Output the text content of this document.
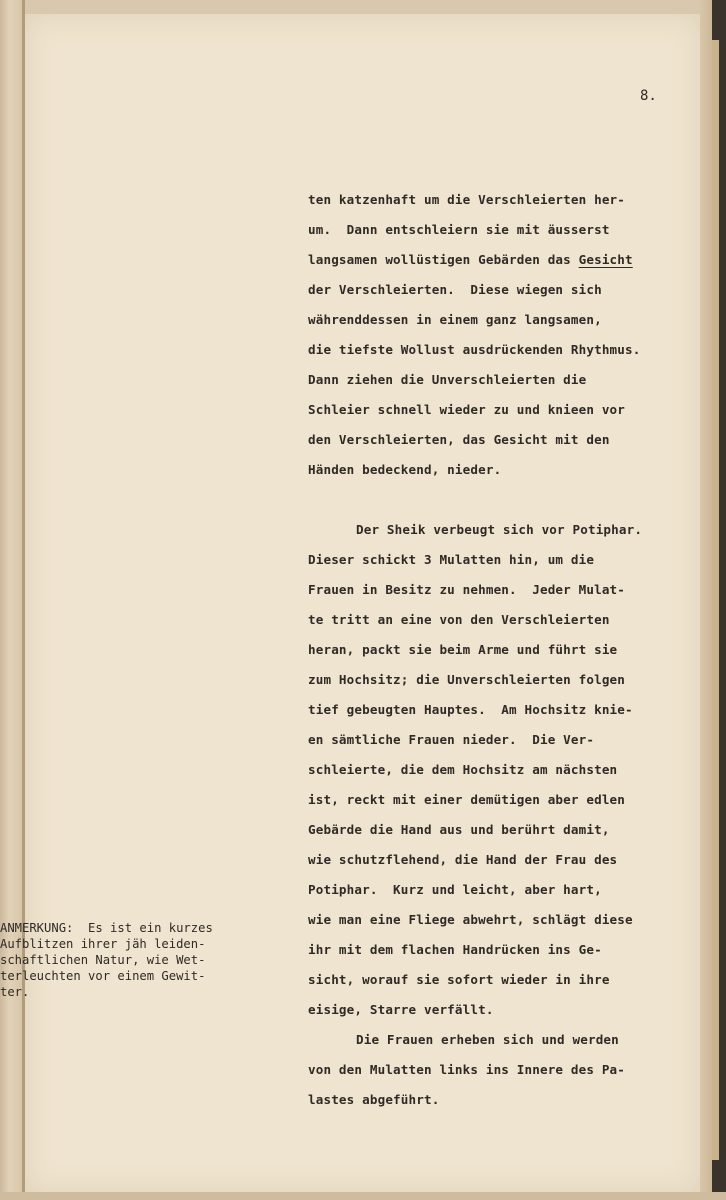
8.
ten katzenhaft um die Verschleierten her-
um.  Dann entschleiern sie mit äusserst
langsamen wollüstigen Gebärden das Gesicht
der Verschleierten.  Diese wiegen sich
währenddessen in einem ganz langsamen,
die tiefste Wollust ausdrückenden Rhythmus.
Dann ziehen die Unverschleierten die
Schleier schnell wieder zu und knieen vor
den Verschleierten, das Gesicht mit den
Händen bedeckend, nieder.
Der Sheik verbeugt sich vor Potiphar.
Dieser schickt 3 Mulatten hin, um die
Frauen in Besitz zu nehmen.  Jeder Mulat-
te tritt an eine von den Verschleierten
heran, packt sie beim Arme und führt sie
zum Hochsitz; die Unverschleierten folgen
tief gebeugten Hauptes.  Am Hochsitz knie-
en sämtliche Frauen nieder.  Die Ver-
schleierte, die dem Hochsitz am nächsten
ist, reckt mit einer demütigen aber edlen
Gebärde die Hand aus und berührt damit,
wie schutzflehend, die Hand der Frau des
Potiphar.  Kurz und leicht, aber hart,
wie man eine Fliege abwehrt, schlägt diese
ihr mit dem flachen Handrücken ins Ge-
sicht, worauf sie sofort wieder in ihre
eisige, Starre verfällt.
Die Frauen erheben sich und werden
von den Mulatten links ins Innere des Pa-
lastes abgeführt.
ANMERKUNG:  Es ist ein kurzes
Aufblitzen ihrer jäh leiden-
schaftlichen Natur, wie Wet-
terleuchten vor einem Gewit-
ter.
